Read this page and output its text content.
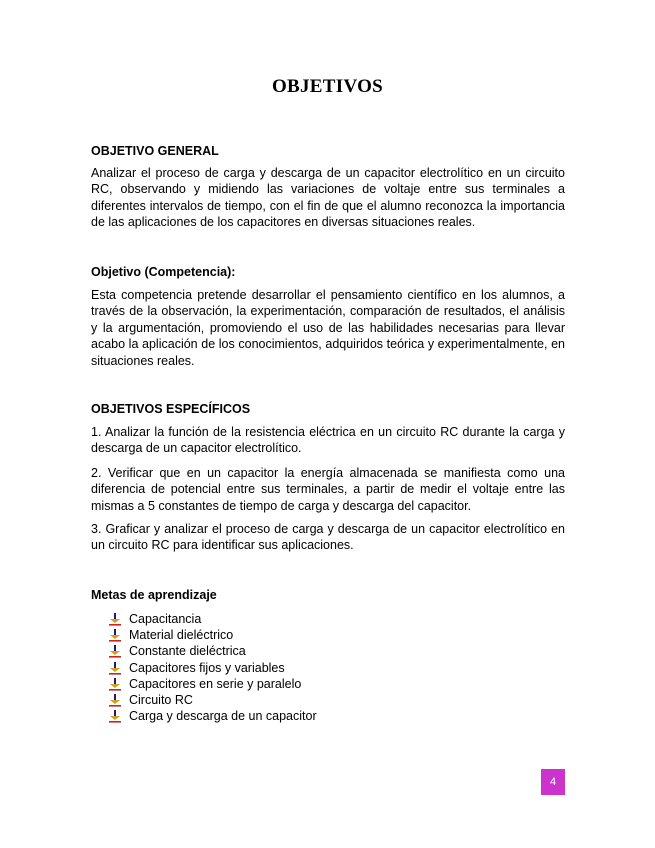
OBJETIVOS
OBJETIVO GENERAL

Analizar el proceso de carga y descarga de un capacitor electrolítico en un circuito RC, observando y midiendo las variaciones de voltaje entre sus terminales a diferentes intervalos de tiempo, con el fin de que el alumno reconozca la importancia de las aplicaciones de los capacitores en diversas situaciones reales.

Objetivo (Competencia):

Esta competencia pretende desarrollar el pensamiento científico en los alumnos, a través de la observación, la experimentación, comparación de resultados, el análisis y la argumentación, promoviendo el uso de las habilidades necesarias para llevar acabo la aplicación de los conocimientos, adquiridos teórica y experimentalmente, en situaciones reales.

OBJETIVOS ESPECÍFICOS

1. Analizar la función de la resistencia eléctrica en un circuito RC durante la carga y descarga de un capacitor electrolítico.

2. Verificar que en un capacitor la energía almacenada se manifiesta como una diferencia de potencial entre sus terminales, a partir de medir el voltaje entre las mismas a 5 constantes de tiempo de carga y descarga del capacitor.

3. Graficar y analizar el proceso de carga y descarga de un capacitor electrolítico en un circuito RC para identificar sus aplicaciones.

Metas de aprendizaje
Capacitancia
Material dieléctrico
Constante dieléctrica
Capacitores fijos y variables
Capacitores en serie y paralelo
Circuito RC
Carga y descarga de un capacitor
4
